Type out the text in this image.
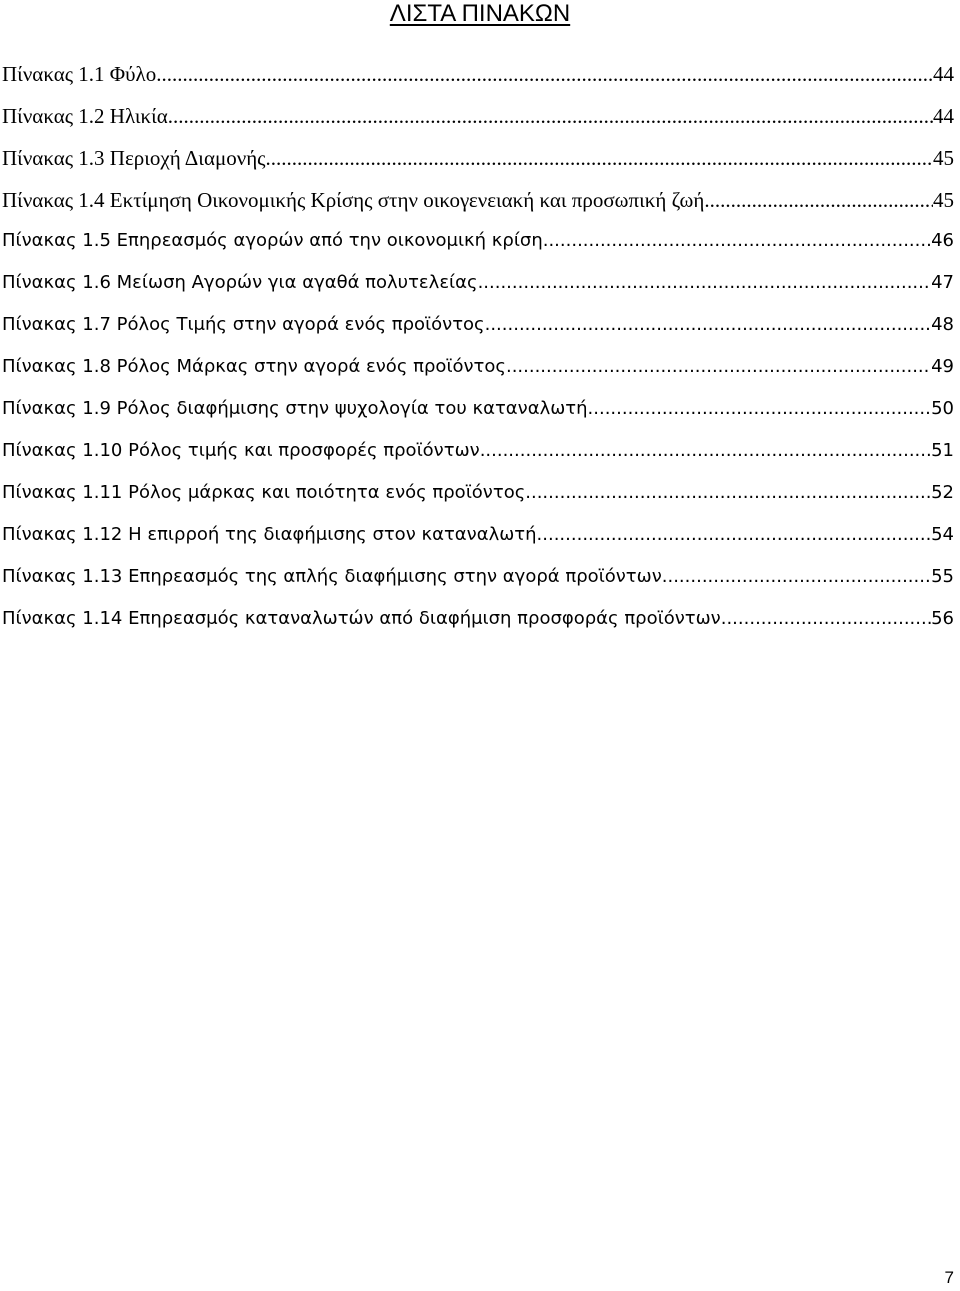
ΛΙΣΤΑ ΠΙΝΑΚΩΝ
Πίνακας 1.1 Φύλο .....	44
Πίνακας 1.2 Ηλικία .....	44
Πίνακας 1.3 Περιοχή Διαμονής .....	45
Πίνακας 1.4 Εκτίμηση Οικονομικής Κρίσης στην οικογενειακή και προσωπική ζωή .....	45
Πίνακας 1.5 Επηρεασμός αγορών από την οικονομική κρίση .....	46
Πίνακας 1.6 Μείωση Αγορών για αγαθά πολυτελείας .....	47
Πίνακας 1.7 Ρόλος Τιμής στην αγορά ενός προϊόντος .....	48
Πίνακας 1.8 Ρόλος Μάρκας στην αγορά ενός προϊόντος .....	49
Πίνακας 1.9 Ρόλος διαφήμισης στην ψυχολογία του καταναλωτή .....	50
Πίνακας 1.10 Ρόλος τιμής και προσφορές προϊόντων .....	51
Πίνακας 1.11 Ρόλος μάρκας και ποιότητα ενός προϊόντος .....	52
Πίνακας 1.12 Η επιρροή της διαφήμισης στον καταναλωτή .....	54
Πίνακας 1.13 Επηρεασμός της απλής διαφήμισης στην αγορά προϊόντων .....	55
Πίνακας 1.14 Επηρεασμός καταναλωτών από διαφήμιση προσφοράς προϊόντων .....	56
7
